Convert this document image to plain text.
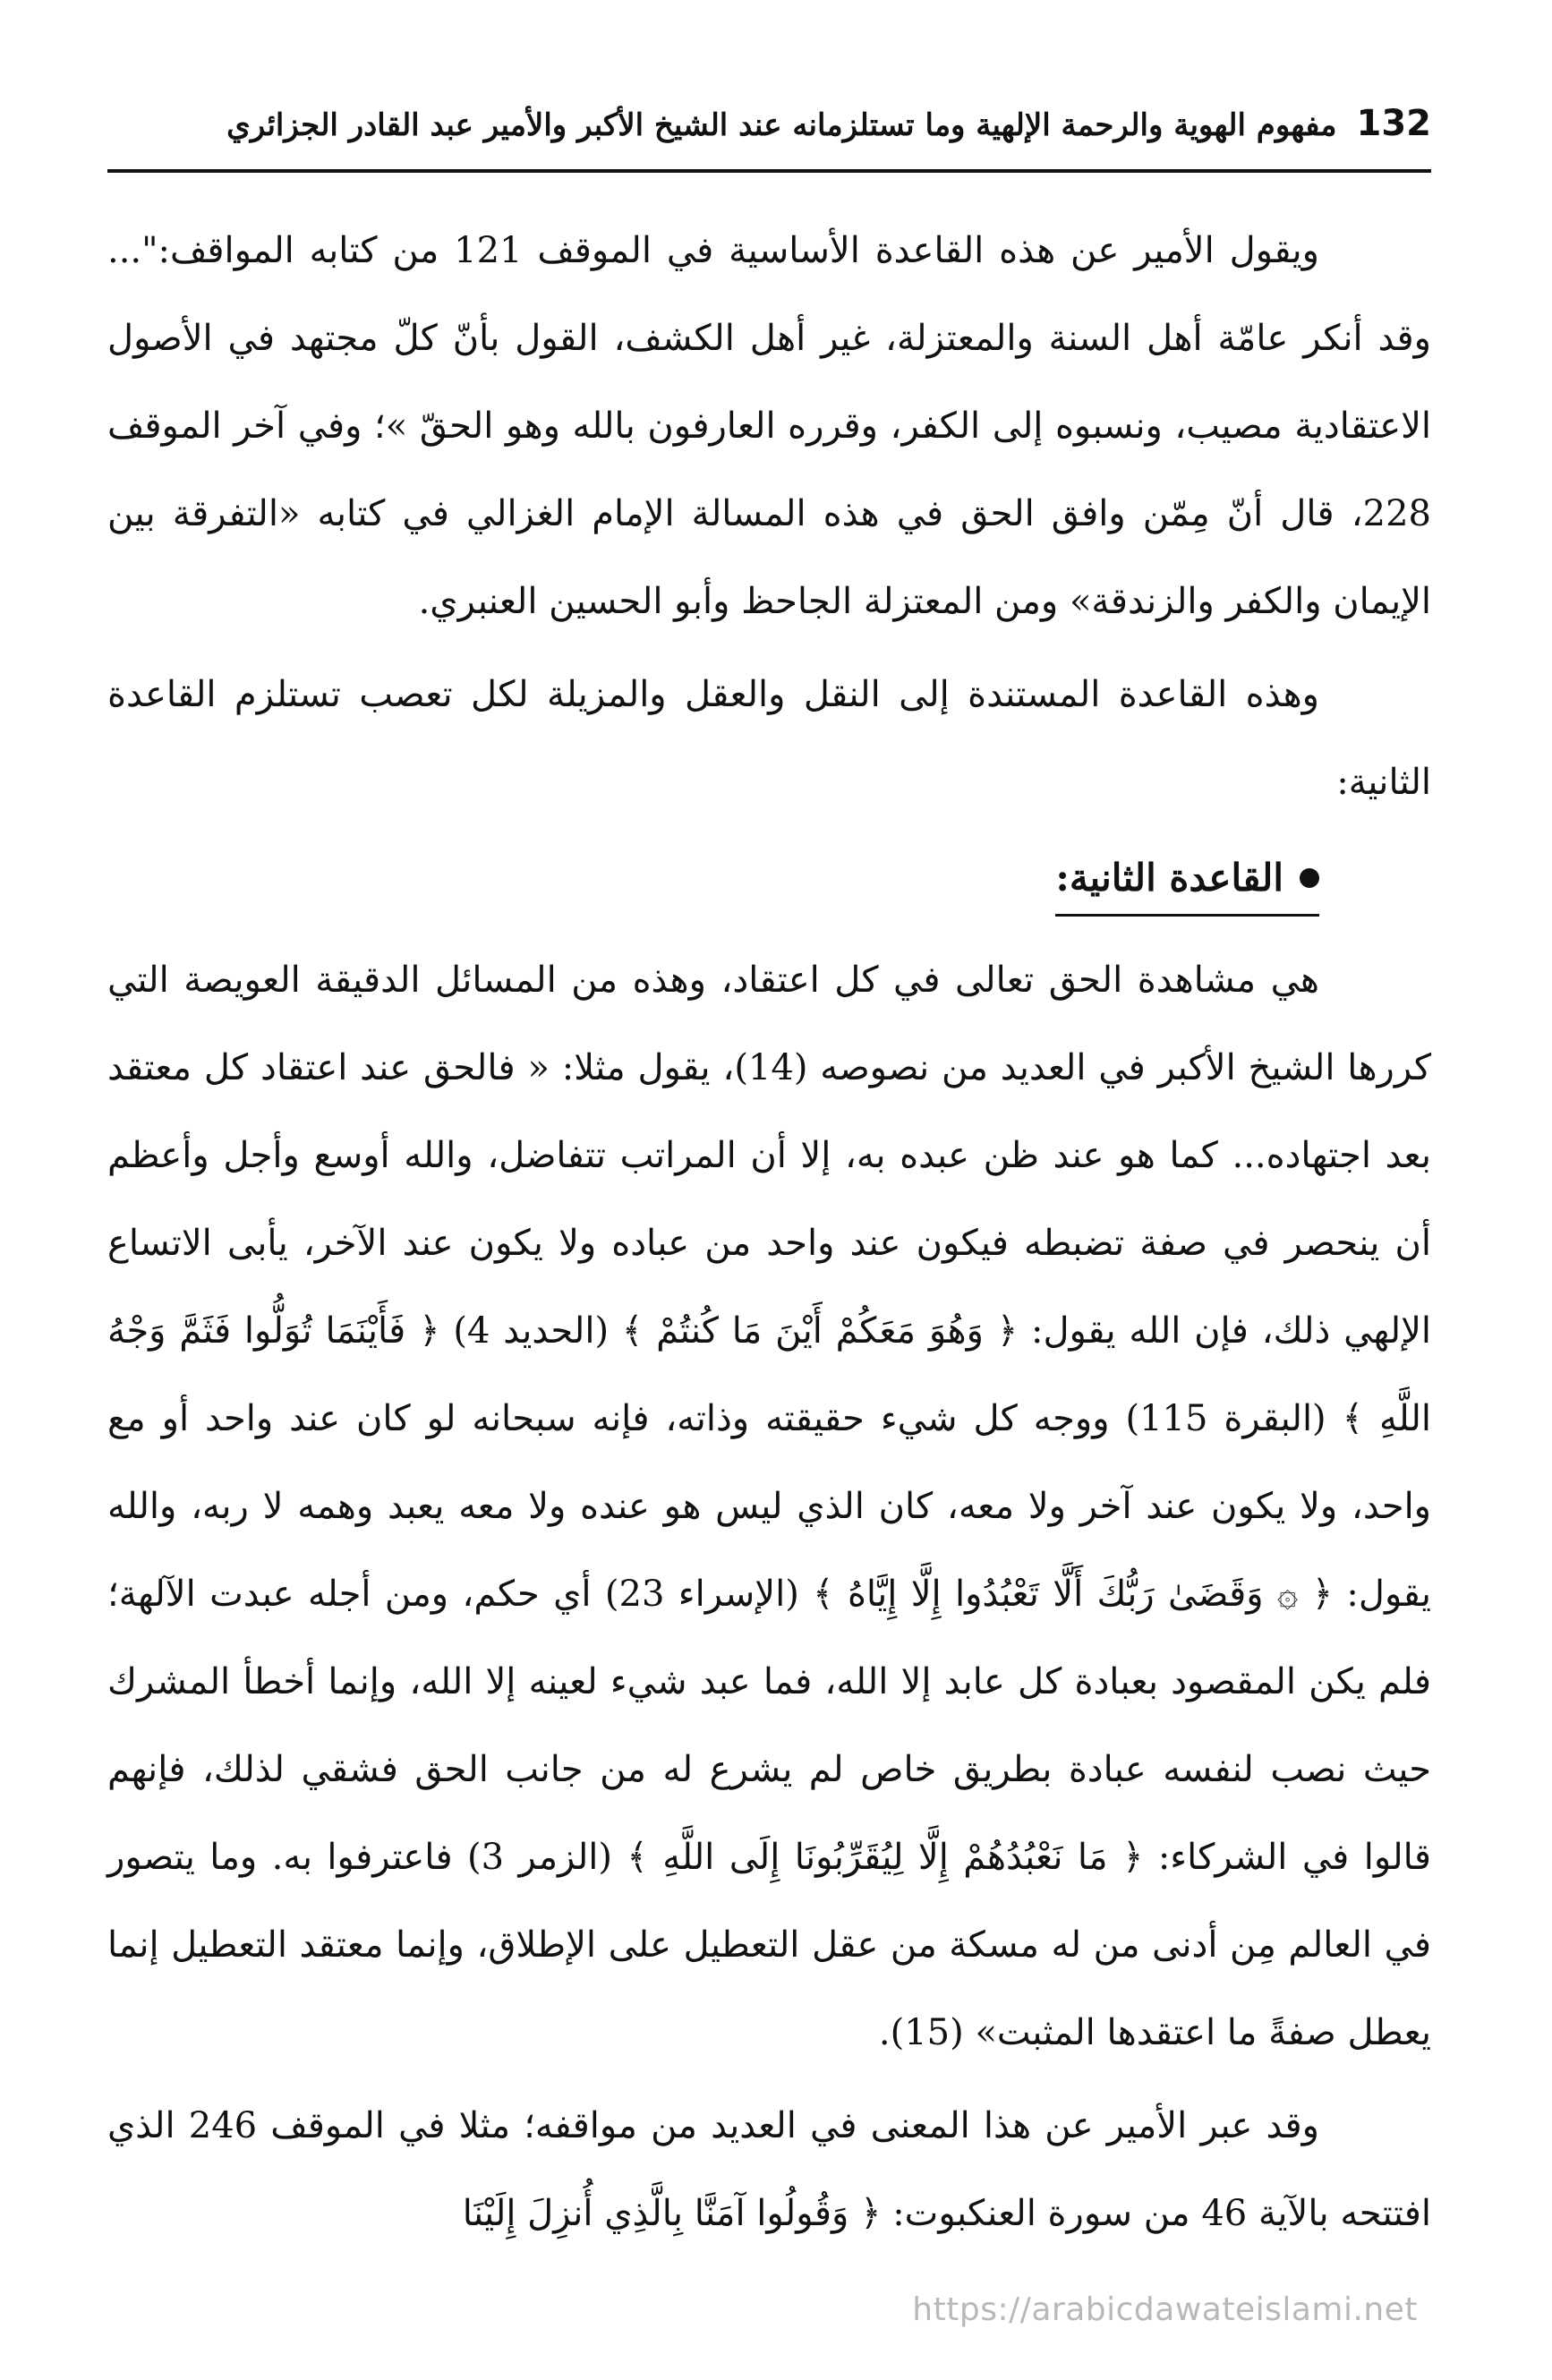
132
مفهوم الهوية والرحمة الإلهية وما تستلزمانه عند الشيخ الأكبر والأمير عبد القادر الجزائري

ويقول الأمير عن هذه القاعدة الأساسية في الموقف 121 من كتابه المواقف:"... وقد أنكر عامّة أهل السنة والمعتزلة، غير أهل الكشف، القول بأنّ كلّ مجتهد في الأصول الاعتقادية مصيب، ونسبوه إلى الكفر، وقرره العارفون بالله وهو الحقّ »؛ وفي آخر الموقف 228، قال أنّ مِمّن وافق الحق في هذه المسالة الإمام الغزالي في كتابه «التفرقة بين الإيمان والكفر والزندقة» ومن المعتزلة الجاحظ وأبو الحسين العنبري.

وهذه القاعدة المستندة إلى النقل والعقل والمزيلة لكل تعصب تستلزم القاعدة الثانية:

القاعدة الثانية:

هي مشاهدة الحق تعالى في كل اعتقاد، وهذه من المسائل الدقيقة العويصة التي كررها الشيخ الأكبر في العديد من نصوصه (14)، يقول مثلا: « فالحق عند اعتقاد كل معتقد بعد اجتهاده... كما هو عند ظن عبده به، إلا أن المراتب تتفاضل، والله أوسع وأجل وأعظم أن ينحصر في صفة تضبطه فيكون عند واحد من عباده ولا يكون عند الآخر، يأبى الاتساع الإلهي ذلك، فإن الله يقول: ﴿ وَهُوَ مَعَكُمْ أَيْنَ مَا كُنتُمْ ﴾ (الحديد 4) ﴿ فَأَيْنَمَا تُوَلُّوا فَثَمَّ وَجْهُ اللَّهِ ﴾ (البقرة 115) ووجه كل شيء حقيقته وذاته، فإنه سبحانه لو كان عند واحد أو مع واحد، ولا يكون عند آخر ولا معه، كان الذي ليس هو عنده ولا معه يعبد وهمه لا ربه، والله يقول: ﴿ ۞ وَقَضَىٰ رَبُّكَ أَلَّا تَعْبُدُوا إِلَّا إِيَّاهُ ﴾ (الإسراء 23) أي حكم، ومن أجله عبدت الآلهة؛ فلم يكن المقصود بعبادة كل عابد إلا الله، فما عبد شيء لعينه إلا الله، وإنما أخطأ المشرك حيث نصب لنفسه عبادة بطريق خاص لم يشرع له من جانب الحق فشقي لذلك، فإنهم قالوا في الشركاء: ﴿ مَا نَعْبُدُهُمْ إِلَّا لِيُقَرِّبُونَا إِلَى اللَّهِ ﴾ (الزمر 3) فاعترفوا به. وما يتصور في العالم مِن أدنى من له مسكة من عقل التعطيل على الإطلاق، وإنما معتقد التعطيل إنما يعطل صفةً ما اعتقدها المثبت» (15).

وقد عبر الأمير عن هذا المعنى في العديد من مواقفه؛ مثلا في الموقف 246 الذي افتتحه بالآية 46 من سورة العنكبوت: ﴿ وَقُولُوا آمَنَّا بِالَّذِي أُنزِلَ إِلَيْنَا

https://arabicdawateislami.net
